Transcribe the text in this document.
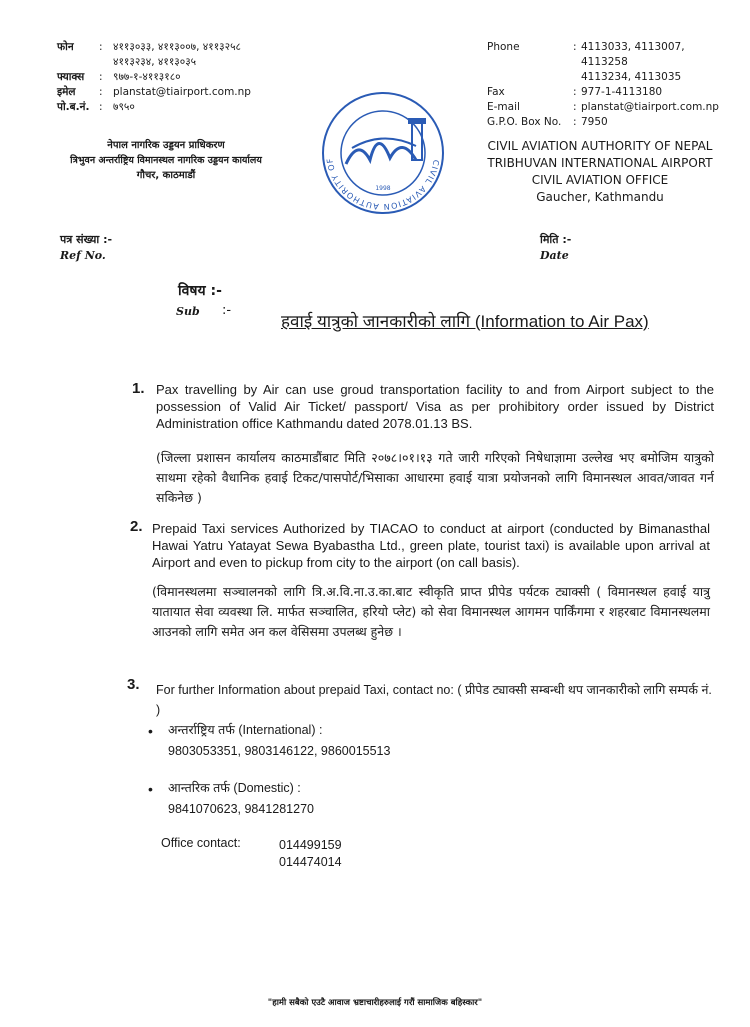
फोन	:	४११३०३३, ४११३००७, ४११३२५८
		४११३२३४, ४११३०३५
फ्याक्स	:	९७७-१-४११३१८०
इमेल	:	planstat@tiairport.com.np
पो.ब.नं.	:	७९५०
नेपाल नागरिक उड्डयन प्राधिकरण
त्रिभुवन अन्तर्राष्ट्रिय विमानस्थल नागरिक उड्डयन कार्यालय
गौचर, काठमाडौं
CIVIL AVIATION AUTHORITY OF
1998
Phone	:	4113033, 4113007, 4113258
		4113234, 4113035
Fax	:	977-1-4113180
E-mail	:	planstat@tiairport.com.np
G.P.O. Box No.	:	7950
CIVIL AVIATION AUTHORITY OF NEPAL
TRIBHUVAN INTERNATIONAL AIRPORT
CIVIL AVIATION OFFICE
Gaucher, Kathmandu
पत्र संख्या :-
Ref No.
मिति :-
Date
विषय :-
Sub :-
हवाई यात्रुको जानकारीको लागि (Information to Air Pax)
1. Pax travelling by Air can use groud transportation facility to and from Airport subject to the possession of Valid Air Ticket/ passport/ Visa as per prohibitory order issued by District Administration office Kathmandu dated 2078.01.13 BS.
(जिल्ला प्रशासन कार्यालय काठमाडौंबाट मिति २०७८।०१।१३ गते जारी गरिएको निषेधाज्ञामा उल्लेख भए बमोजिम यात्रुको साथमा रहेको वैधानिक हवाई टिकट/पासपोर्ट/भिसाका आधारमा हवाई यात्रा प्रयोजनको लागि विमानस्थल आवत/जावत गर्न सकिनेछ )
2. Prepaid Taxi services Authorized by TIACAO to conduct at airport (conducted by Bimanasthal Hawai Yatru Yatayat Sewa Byabastha Ltd., green plate, tourist taxi) is available upon arrival at Airport and even to pickup from city to the airport (on call basis).
(विमानस्थलमा सञ्चालनको लागि त्रि.अ.वि.ना.उ.का.बाट स्वीकृति प्राप्त प्रीपेड पर्यटक ट्याक्सी ( विमानस्थल हवाई यात्रु यातायात सेवा व्यवस्था लि. मार्फत सञ्चालित, हरियो प्लेट) को सेवा विमानस्थल आगमन पार्किंगमा र शहरबाट विमानस्थलमा आउनको लागि समेत अन कल वेसिसमा उपलब्ध हुनेछ ।
3. For further Information about prepaid Taxi, contact no: ( प्रीपेड ट्याक्सी सम्बन्धी थप जानकारीको लागि सम्पर्क नं. )
• अन्तर्राष्ट्रिय तर्फ (International) :
9803053351, 9803146122, 9860015513
• आन्तरिक तर्फ (Domestic) :
9841070623, 9841281270
Office contact:	014499159
014474014
"हामी सबैको एउटै आवाज भ्रष्टाचारीहरुलाई गरौं सामाजिक बहिस्कार"
